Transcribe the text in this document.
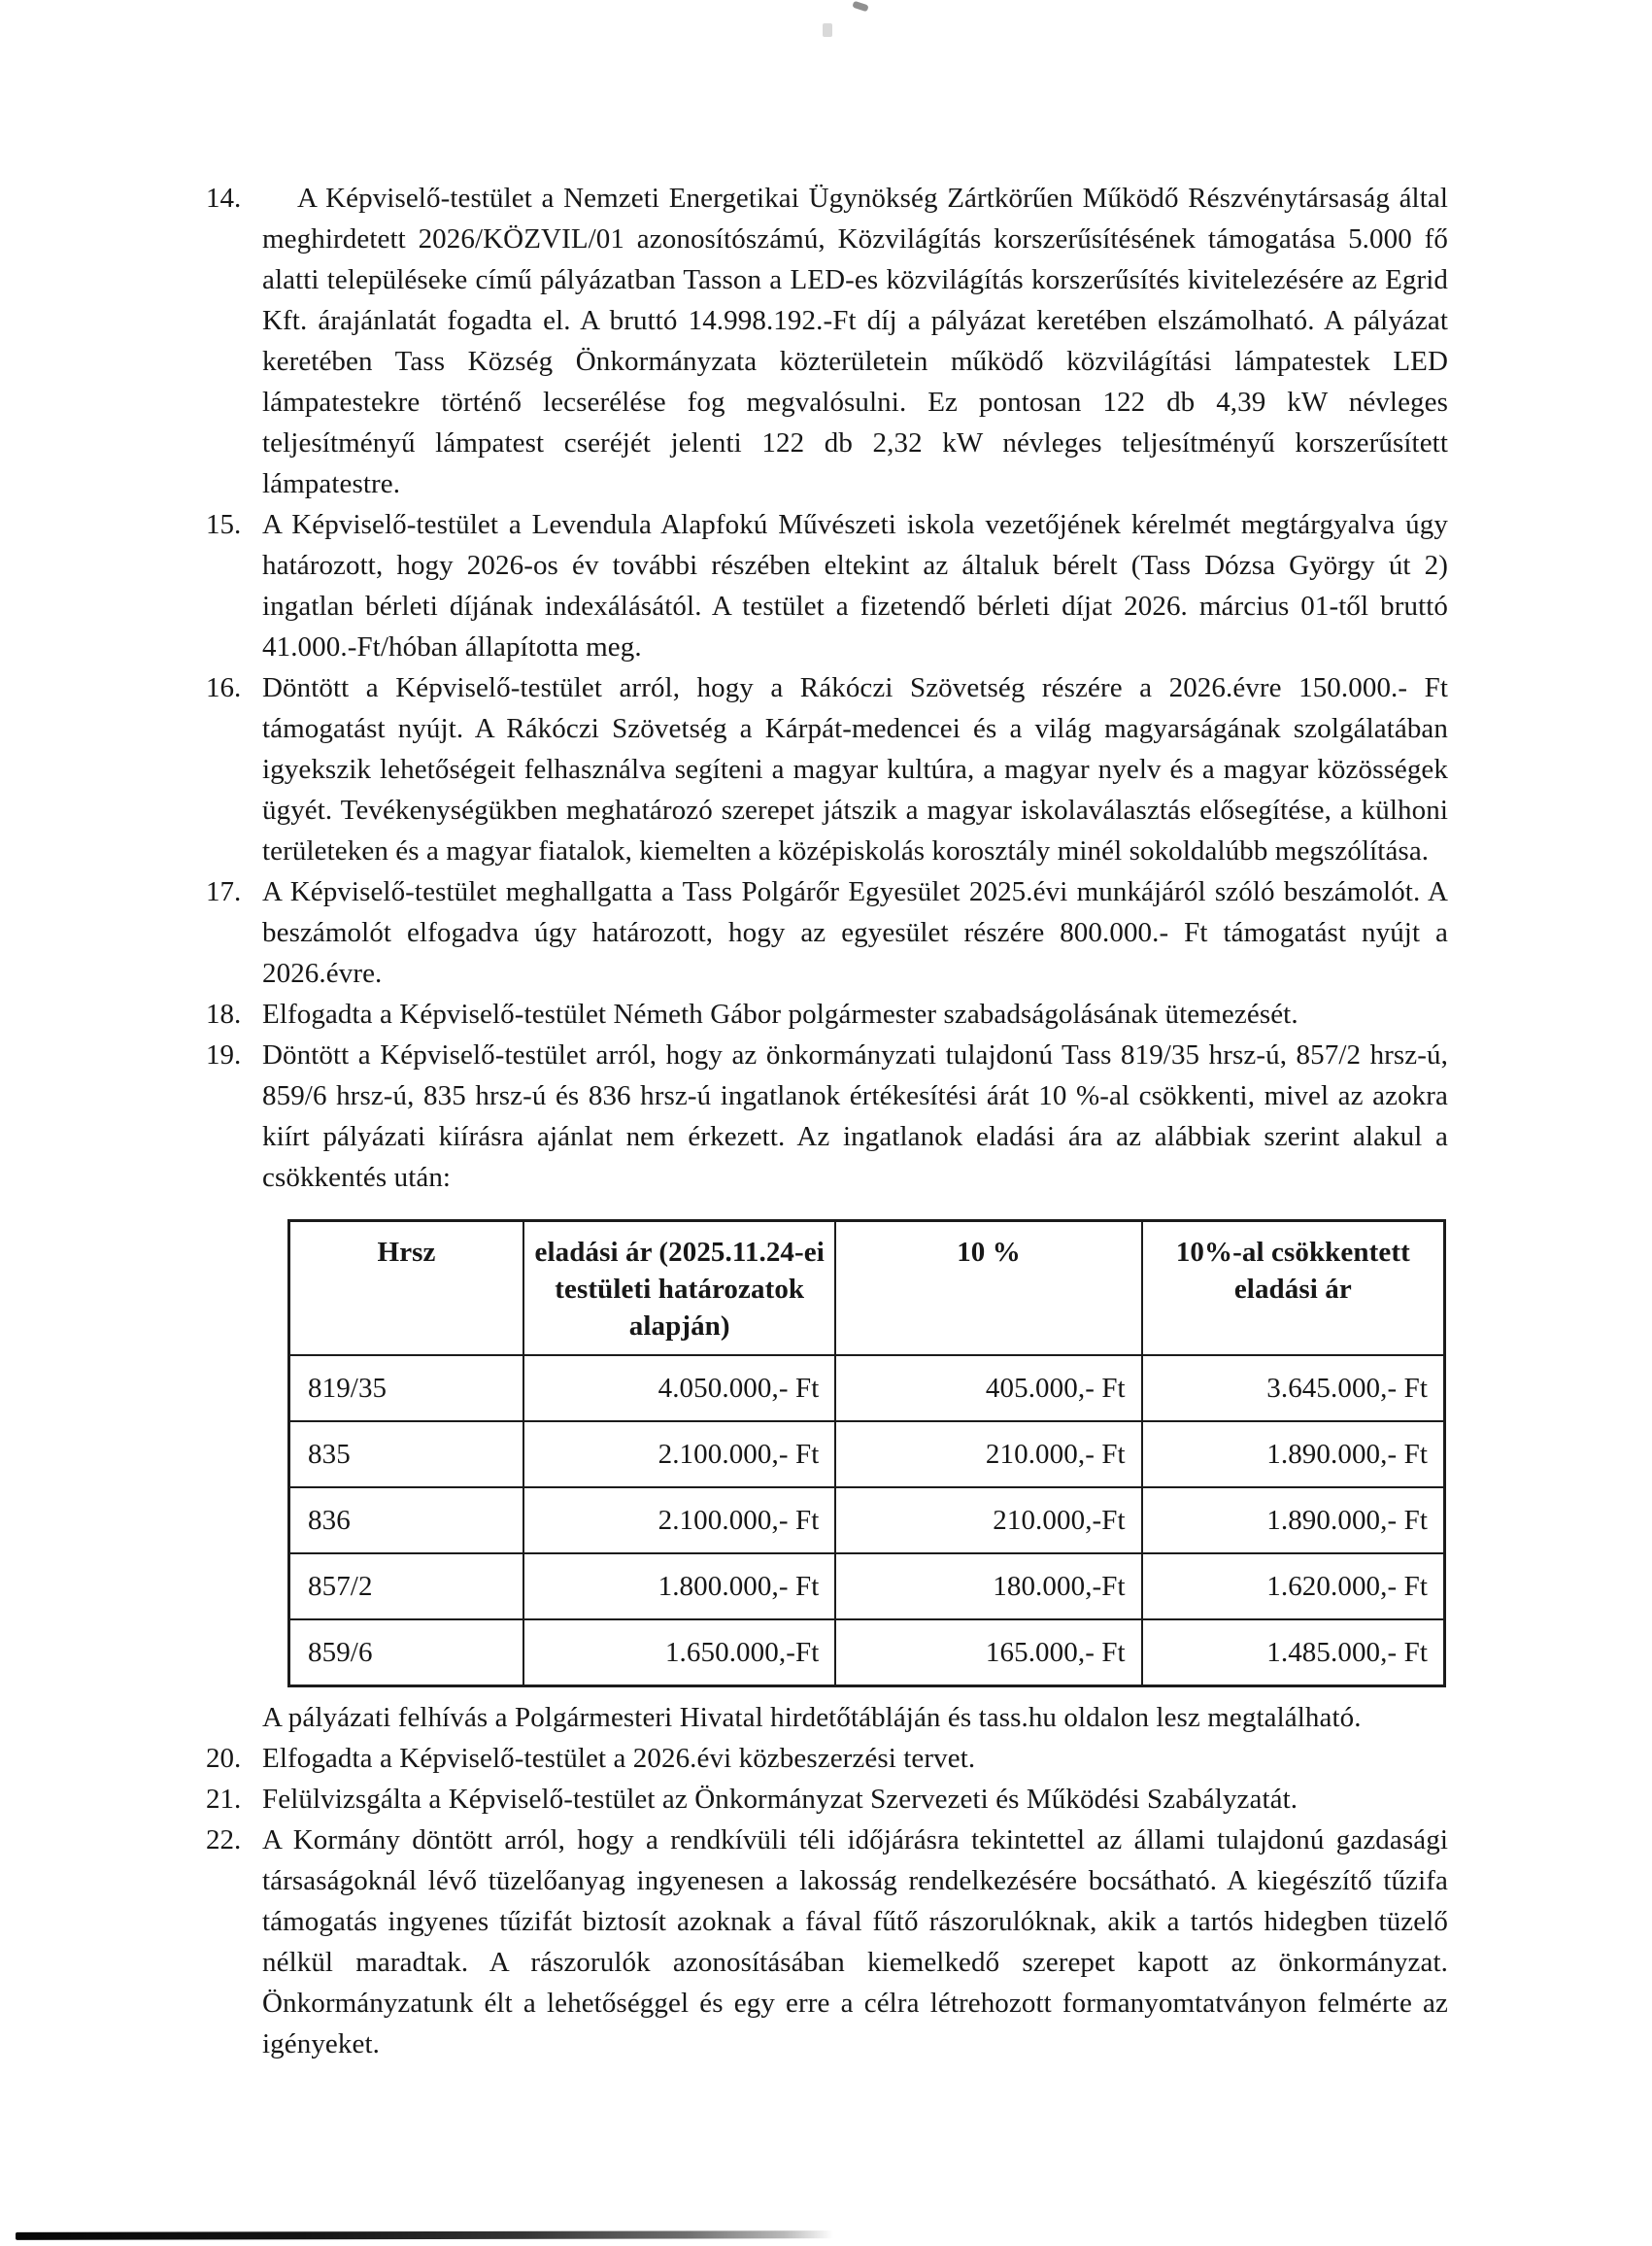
14.	A Képviselő-testület a Nemzeti Energetikai Ügynökség Zártkörűen Működő Részvénytársaság által meghirdetett 2026/KÖZVIL/01 azonosítószámú, Közvilágítás korszerűsítésének támogatása 5.000 fő alatti településeke című pályázatban Tasson a LED-es közvilágítás korszerűsítés kivitelezésére az Egrid Kft. árajánlatát fogadta el. A bruttó 14.998.192.-Ft díj a pályázat keretében elszámolható. A pályázat keretében Tass Község Önkormányzata közterületein működő közvilágítási lámpatestek LED lámpatestekre történő lecserélése fog megvalósulni. Ez pontosan 122 db 4,39 kW névleges teljesítményű lámpatest cseréjét jelenti 122 db 2,32 kW névleges teljesítményű korszerűsített lámpatestre.
15. A Képviselő-testület a Levendula Alapfokú Művészeti iskola vezetőjének kérelmét megtárgyalva úgy határozott, hogy 2026-os év további részében eltekint az általuk bérelt (Tass Dózsa György út 2) ingatlan bérleti díjának indexálásától. A testület a fizetendő bérleti díjat 2026. március 01-től bruttó 41.000.-Ft/hóban állapította meg.
16. Döntött a Képviselő-testület arról, hogy a Rákóczi Szövetség részére a 2026.évre 150.000.- Ft támogatást nyújt. A Rákóczi Szövetség a Kárpát-medencei és a világ magyarságának szolgálatában igyekszik lehetőségeit felhasználva segíteni a magyar kultúra, a magyar nyelv és a magyar közösségek ügyét. Tevékenységükben meghatározó szerepet játszik a magyar iskolaválasztás elősegítése, a külhoni területeken és a magyar fiatalok, kiemelten a középiskolás korosztály minél sokoldalúbb megszólítása.
17. A Képviselő-testület meghallgatta a Tass Polgárőr Egyesület 2025.évi munkájáról szóló beszámolót. A beszámolót elfogadva úgy határozott, hogy az egyesület részére 800.000.- Ft támogatást nyújt a 2026.évre.
18. Elfogadta a Képviselő-testület Németh Gábor polgármester szabadságolásának ütemezését.
19. Döntött a Képviselő-testület arról, hogy az önkormányzati tulajdonú Tass 819/35 hrsz-ú, 857/2 hrsz-ú, 859/6 hrsz-ú, 835 hrsz-ú és 836 hrsz-ú ingatlanok értékesítési árát 10 %-al csökkenti, mivel az azokra kiírt pályázati kiírásra ajánlat nem érkezett. Az ingatlanok eladási ára az alábbiak szerint alakul a csökkentés után:
Hrsz	eladási ár (2025.11.24-ei testületi határozatok alapján)	10 %	10%-al csökkentett eladási ár
819/35	4.050.000,- Ft	405.000,- Ft	3.645.000,- Ft
835	2.100.000,- Ft	210.000,- Ft	1.890.000,- Ft
836	2.100.000,- Ft	210.000,-Ft	1.890.000,- Ft
857/2	1.800.000,- Ft	180.000,-Ft	1.620.000,- Ft
859/6	1.650.000,-Ft	165.000,- Ft	1.485.000,- Ft

A pályázati felhívás a Polgármesteri Hivatal hirdetőtábláján és tass.hu oldalon lesz megtalálható.

20. Elfogadta a Képviselő-testület a 2026.évi közbeszerzési tervet.
21. Felülvizsgálta a Képviselő-testület az Önkormányzat Szervezeti és Működési Szabályzatát.
22. A Kormány döntött arról, hogy a rendkívüli téli időjárásra tekintettel az állami tulajdonú gazdasági társaságoknál lévő tüzelőanyag ingyenesen a lakosság rendelkezésére bocsátható. A kiegészítő tűzifa támogatás ingyenes tűzifát biztosít azoknak a fával fűtő rászorulóknak, akik a tartós hidegben tüzelő nélkül maradtak. A rászorulók azonosításában kiemelkedő szerepet kapott az önkormányzat. Önkormányzatunk élt a lehetőséggel és egy erre a célra létrehozott formanyomtatványon felmérte az igényeket.
